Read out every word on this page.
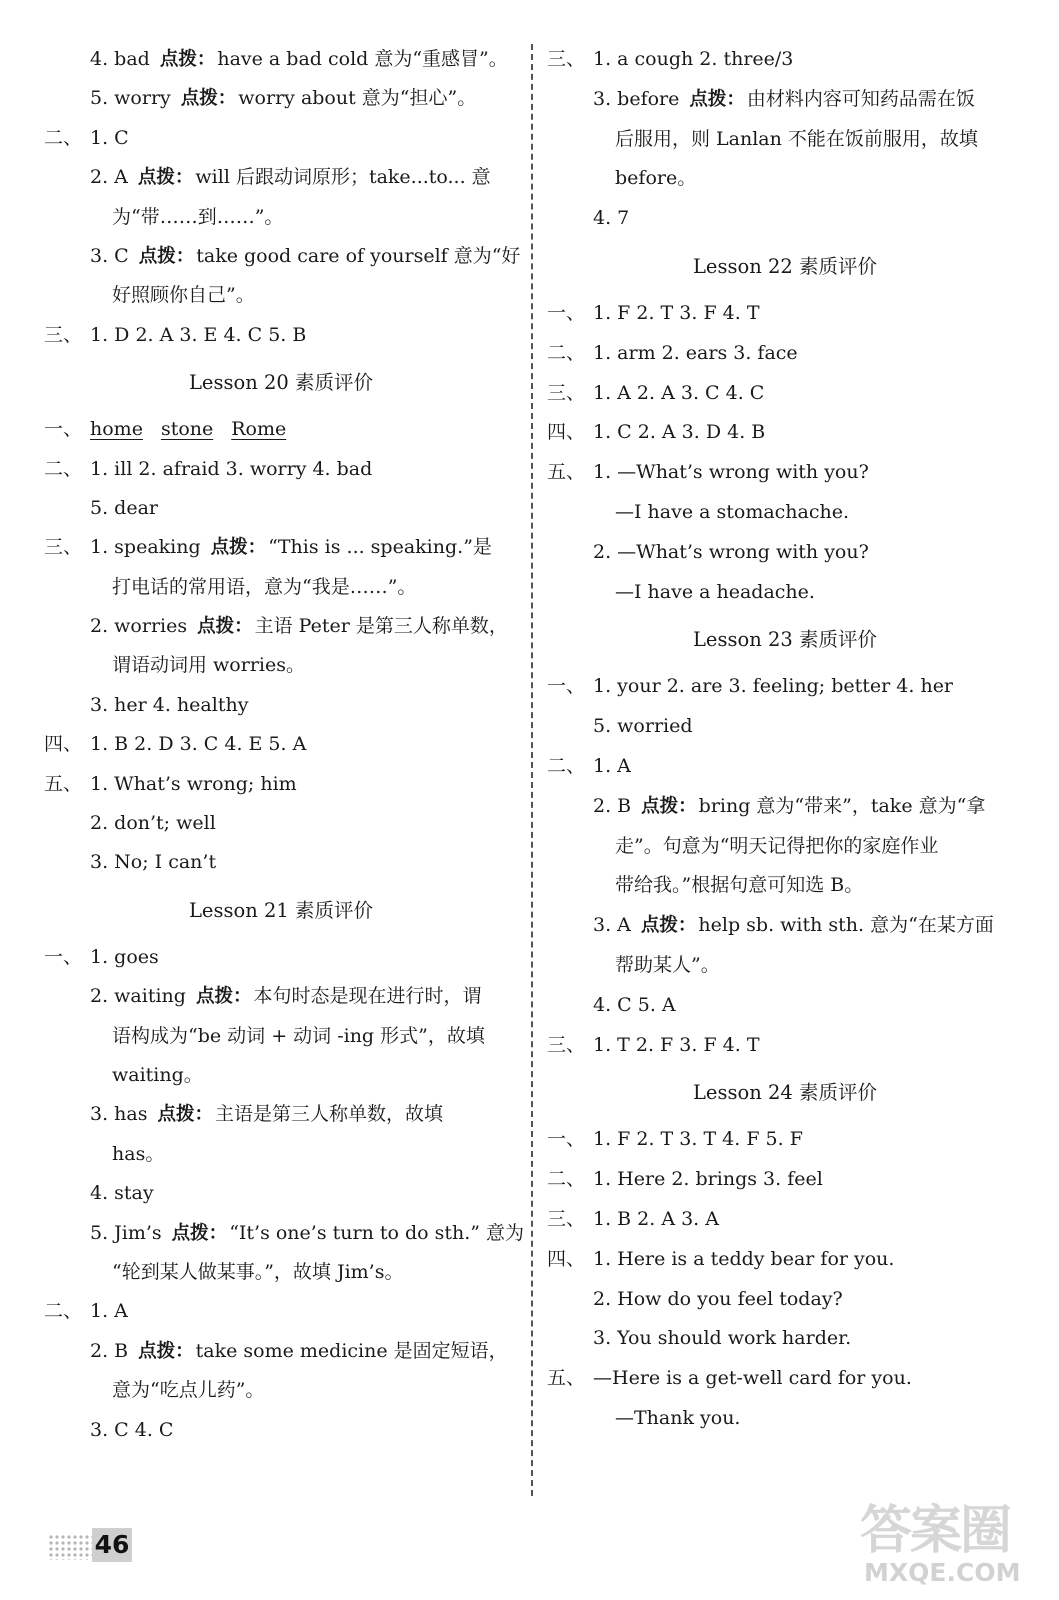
4. bad 点拨： have a bad cold 意为“重感冒”。
5. worry 点拨： worry about 意为“担心”。
二、 1. C
2. A 点拨： will 后跟动词原形；take...to... 意
为“带……到……”。
3. C 点拨： take good care of yourself 意为“好
好照顾你自己”。
三、 1. D 2. A 3. E 4. C 5. B
Lesson 20 素质评价
一、 home stone Rome
二、 1. ill 2. afraid 3. worry 4. bad
5. dear
三、 1. speaking 点拨： “This is ... speaking.”是
打电话的常用语，意为“我是……”。
2. worries 点拨： 主语 Peter 是第三人称单数，
谓语动词用 worries。
3. her 4. healthy
四、 1. B 2. D 3. C 4. E 5. A
五、 1. What’s wrong; him
2. don’t; well
3. No; I can’t
Lesson 21 素质评价
一、 1. goes
2. waiting 点拨： 本句时态是现在进行时，谓
语构成为“be 动词 + 动词 -ing 形式”，故填
waiting。
3. has 点拨： 主语是第三人称单数，故填
has。
4. stay
5. Jim’s 点拨： “It’s one’s turn to do sth.” 意为
“轮到某人做某事。”，故填 Jim’s。
二、 1. A
2. B 点拨： take some medicine 是固定短语，
意为“吃点儿药”。
3. C 4. C
三、 1. a cough 2. three/3
3. before 点拨： 由材料内容可知药品需在饭
后服用，则 Lanlan 不能在饭前服用，故填
before。
4. 7
Lesson 22 素质评价
一、 1. F 2. T 3. F 4. T
二、 1. arm 2. ears 3. face
三、 1. A 2. A 3. C 4. C
四、 1. C 2. A 3. D 4. B
五、 1. —What’s wrong with you?
—I have a stomachache.
2. —What’s wrong with you?
—I have a headache.
Lesson 23 素质评价
一、 1. your 2. are 3. feeling; better 4. her
5. worried
二、 1. A
2. B 点拨： bring 意为“带来”，take 意为“拿
走”。句意为“明天记得把你的家庭作业
带给我。”根据句意可知选 B。
3. A 点拨： help sb. with sth. 意为“在某方面
帮助某人”。
4. C 5. A
三、 1. T 2. F 3. F 4. T
Lesson 24 素质评价
一、 1. F 2. T 3. T 4. F 5. F
二、 1. Here 2. brings 3. feel
三、 1. B 2. A 3. A
四、 1. Here is a teddy bear for you.
2. How do you feel today?
3. You should work harder.
五、 —Here is a get-well card for you.
—Thank you.
46	答案圈
MXQE.COM
